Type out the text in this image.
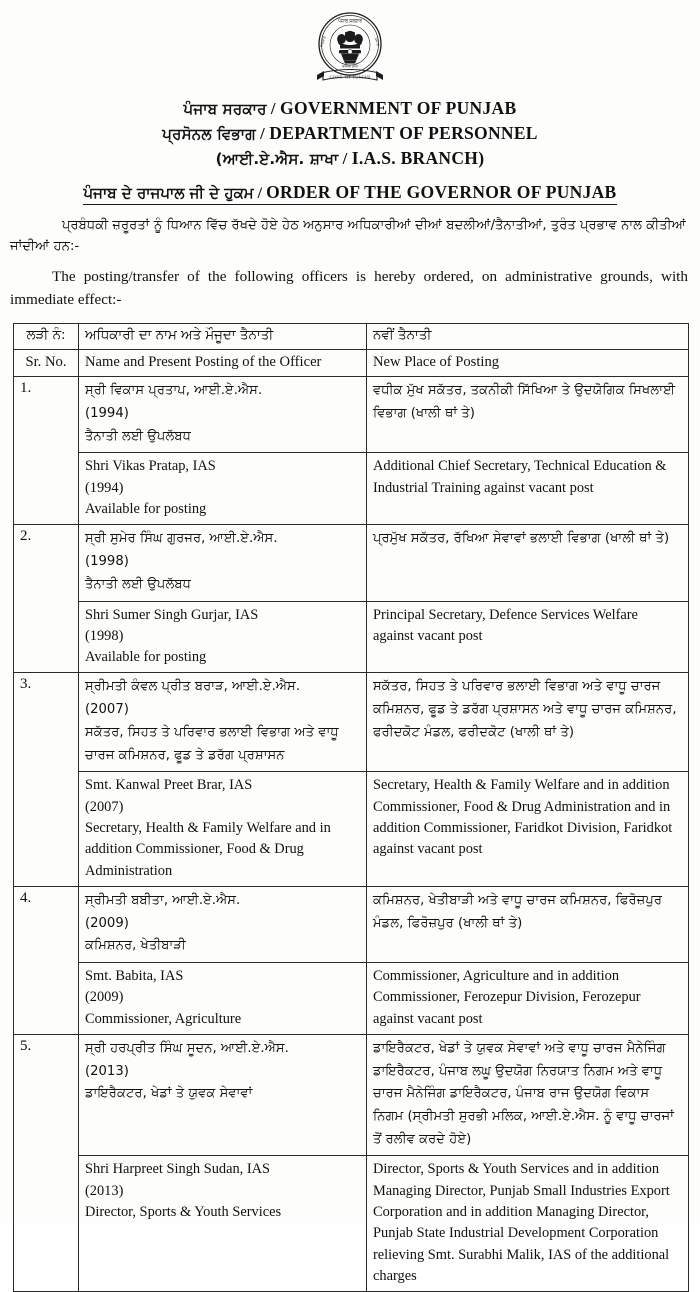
ਪੰਜਾਬ ਸਰਕਾਰ
ਸਰਕਾਰ	ਪੰਜਾਬ
सत्यमेव जयते
GOVT. OF PUNJAB
ਪੰਜਾਬ ਸਰਕਾਰ / GOVERNMENT OF PUNJAB
ਪ੍ਰਸੋਨਲ ਵਿਭਾਗ / DEPARTMENT OF PERSONNEL
(ਆਈ.ਏ.ਐਸ. ਸ਼ਾਖਾ / I.A.S. BRANCH)
ਪੰਜਾਬ ਦੇ ਰਾਜਪਾਲ ਜੀ ਦੇ ਹੁਕਮ / ORDER OF THE GOVERNOR OF PUNJAB
ਪ੍ਰਬੰਧਕੀ ਜ਼ਰੂਰਤਾਂ ਨੂੰ ਧਿਆਨ ਵਿੱਚ ਰੱਖਦੇ ਹੋਏ ਹੇਠ ਅਨੁਸਾਰ ਅਧਿਕਾਰੀਆਂ ਦੀਆਂ ਬਦਲੀਆਂ/ਤੈਨਾਤੀਆਂ, ਤੁਰੰਤ ਪ੍ਰਭਾਵ ਨਾਲ ਕੀਤੀਆਂ ਜਾਂਦੀਆਂ ਹਨ:-
The posting/transfer of the following officers is hereby ordered, on administrative grounds, with immediate effect:-
ਲੜੀ ਨੰ:	ਅਧਿਕਾਰੀ ਦਾ ਨਾਮ ਅਤੇ ਮੌਜੂਦਾ ਤੈਨਾਤੀ	ਨਵੀਂ ਤੈਨਾਤੀ
Sr. No.	Name and Present Posting of the Officer	New Place of Posting
1.	ਸ੍ਰੀ ਵਿਕਾਸ ਪ੍ਰਤਾਪ, ਆਈ.ਏ.ਐਸ.
(1994)
ਤੈਨਾਤੀ ਲਈ ਉਪਲੱਬਧ	ਵਧੀਕ ਮੁੱਖ ਸਕੱਤਰ, ਤਕਨੀਕੀ ਸਿੱਖਿਆ ਤੇ ਉਦਯੋਗਿਕ ਸਿਖਲਾਈ ਵਿਭਾਗ (ਖਾਲੀ ਥਾਂ ਤੇ)

	Shri Vikas Pratap, IAS
(1994)
Available for posting	Additional Chief Secretary, Technical Education & Industrial Training against vacant post
2.	ਸ੍ਰੀ ਸੁਮੇਰ ਸਿੰਘ ਗੁਰਜਰ, ਆਈ.ਏ.ਐਸ.
(1998)
ਤੈਨਾਤੀ ਲਈ ਉਪਲੱਬਧ	ਪ੍ਰਮੁੱਖ ਸਕੱਤਰ, ਰੱਖਿਆ ਸੇਵਾਵਾਂ ਭਲਾਈ ਵਿਭਾਗ (ਖਾਲੀ ਥਾਂ ਤੇ)

	Shri Sumer Singh Gurjar, IAS
(1998)
Available for posting	Principal Secretary, Defence Services Welfare against vacant post
3.	ਸ੍ਰੀਮਤੀ ਕੰਵਲ ਪ੍ਰੀਤ ਬਰਾੜ, ਆਈ.ਏ.ਐਸ.
(2007)
ਸਕੱਤਰ, ਸਿਹਤ ਤੇ ਪਰਿਵਾਰ ਭਲਾਈ ਵਿਭਾਗ ਅਤੇ ਵਾਧੂ ਚਾਰਜ ਕਮਿਸ਼ਨਰ, ਫੂਡ ਤੇ ਡਰੱਗ ਪ੍ਰਸ਼ਾਸਨ	ਸਕੱਤਰ, ਸਿਹਤ ਤੇ ਪਰਿਵਾਰ ਭਲਾਈ ਵਿਭਾਗ ਅਤੇ ਵਾਧੂ ਚਾਰਜ ਕਮਿਸ਼ਨਰ, ਫੂਡ ਤੇ ਡਰੱਗ ਪ੍ਰਸ਼ਾਸਨ ਅਤੇ ਵਾਧੂ ਚਾਰਜ ਕਮਿਸ਼ਨਰ, ਫਰੀਦਕੋਟ ਮੰਡਲ, ਫਰੀਦਕੋਟ (ਖਾਲੀ ਥਾਂ ਤੇ)

	Smt. Kanwal Preet Brar, IAS
(2007)
Secretary, Health & Family Welfare and in addition Commissioner, Food & Drug Administration	Secretary, Health & Family Welfare and in addition Commissioner, Food & Drug Administration and in addition Commissioner, Faridkot Division, Faridkot against vacant post
4.	ਸ੍ਰੀਮਤੀ ਬਬੀਤਾ, ਆਈ.ਏ.ਐਸ.
(2009)
ਕਮਿਸ਼ਨਰ, ਖੇਤੀਬਾੜੀ	ਕਮਿਸ਼ਨਰ, ਖੇਤੀਬਾੜੀ ਅਤੇ ਵਾਧੂ ਚਾਰਜ ਕਮਿਸ਼ਨਰ, ਫਿਰੋਜ਼ਪੁਰ ਮੰਡਲ, ਫਿਰੋਜ਼ਪੁਰ (ਖਾਲੀ ਥਾਂ ਤੇ)

	Smt. Babita, IAS
(2009)
Commissioner, Agriculture	Commissioner, Agriculture and in addition Commissioner, Ferozepur Division, Ferozepur against vacant post
5.	ਸ੍ਰੀ ਹਰਪ੍ਰੀਤ ਸਿੰਘ ਸੂਦਨ, ਆਈ.ਏ.ਐਸ.
(2013)
ਡਾਇਰੈਕਟਰ, ਖੇਡਾਂ ਤੇ ਯੁਵਕ ਸੇਵਾਵਾਂ
	ਡਾਇਰੈਕਟਰ, ਖੇਡਾਂ ਤੇ ਯੁਵਕ ਸੇਵਾਵਾਂ ਅਤੇ ਵਾਧੂ ਚਾਰਜ ਮੈਨੇਜਿੰਗ ਡਾਇਰੈਕਟਰ, ਪੰਜਾਬ ਲਘੂ ਉਦਯੋਗ ਨਿਰਯਾਤ ਨਿਗਮ ਅਤੇ ਵਾਧੂ ਚਾਰਜ ਮੈਨੇਜਿੰਗ ਡਾਇਰੈਕਟਰ, ਪੰਜਾਬ ਰਾਜ ਉਦਯੋਗ ਵਿਕਾਸ ਨਿਗਮ (ਸ੍ਰੀਮਤੀ ਸੁਰਭੀ ਮਲਿਕ, ਆਈ.ਏ.ਐਸ. ਨੂੰ ਵਾਧੂ ਚਾਰਜਾਂ ਤੋਂ ਰਲੀਵ ਕਰਦੇ ਹੋਏ)

Shri Harpreet Singh Sudan, IAS
(2013)
Director, Sports & Youth Services
	Director, Sports & Youth Services and in addition Managing Director, Punjab Small Industries Export Corporation and in addition Managing Director, Punjab State Industrial Development Corporation relieving Smt. Surabhi Malik, IAS of the additional charges
